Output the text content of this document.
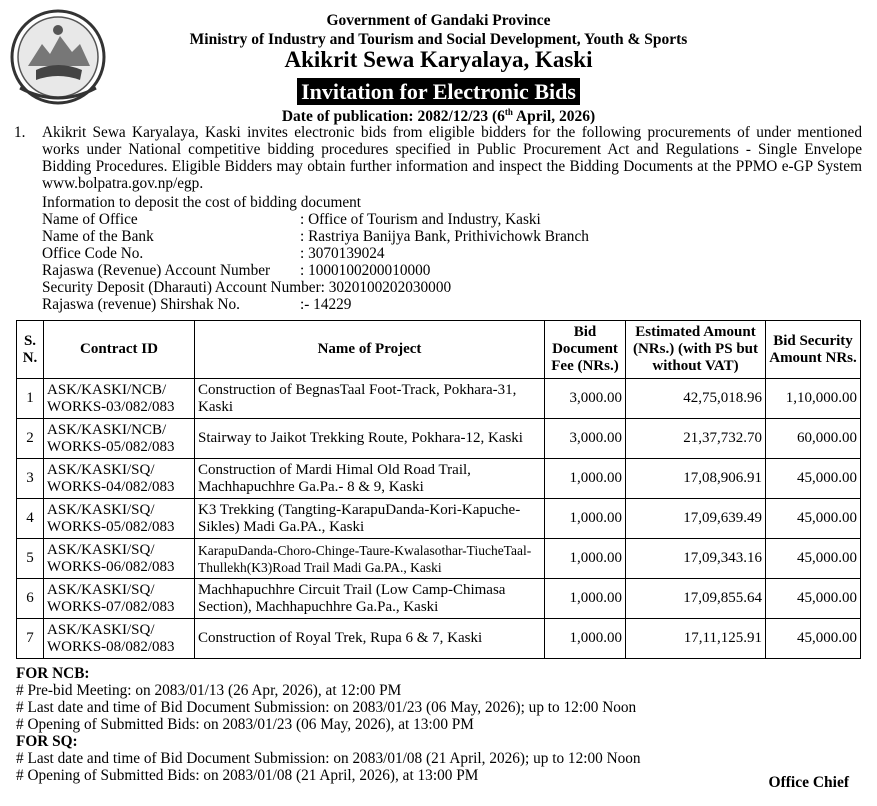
Government of Gandaki Province
Ministry of Industry and Tourism and Social Development, Youth & Sports
Akikrit Sewa Karyalaya, Kaski
Invitation for Electronic Bids
Date of publication: 2082/12/23 (6th April, 2026)
1. Akikrit Sewa Karyalaya, Kaski invites electronic bids from eligible bidders for the following procurements of under mentioned works under National competitive bidding procedures specified in Public Procurement Act and Regulations - Single Envelope Bidding Procedures. Eligible Bidders may obtain further information and inspect the Bidding Documents at the PPMO e-GP System www.bolpatra.gov.np/egp.
Information to deposit the cost of bidding document
Name of Office	: Office of Tourism and Industry, Kaski
Name of the Bank	: Rastriya Banijya Bank, Prithivichowk Branch
Office Code No.	: 3070139024
Rajaswa (Revenue) Account Number : 1000100200010000
Security Deposit (Dharauti) Account Number: 3020100202030000
Rajaswa (revenue) Shirshak No.	:- 14229
S. N.	Contract ID	Name of Project	Bid Document Fee (NRs.)	Estimated Amount (NRs.) (with PS but without VAT)	Bid Security Amount NRs.
1	ASK/KASKI/NCB/ WORKS-03/082/083	Construction of BegnasTaal Foot-Track, Pokhara-31, Kaski	3,000.00	42,75,018.96	1,10,000.00
2	ASK/KASKI/NCB/ WORKS-05/082/083	Stairway to Jaikot Trekking Route, Pokhara-12, Kaski	3,000.00	21,37,732.70	60,000.00
3	ASK/KASKI/SQ/ WORKS-04/082/083	Construction of Mardi Himal Old Road Trail, Machhapuchhre Ga.Pa.- 8 & 9, Kaski	1,000.00	17,08,906.91	45,000.00
4	ASK/KASKI/SQ/ WORKS-05/082/083	K3 Trekking (Tangting-KarapuDanda-Kori-Kapuche-Sikles) Madi Ga.PA., Kaski	1,000.00	17,09,639.49	45,000.00
5	ASK/KASKI/SQ/ WORKS-06/082/083	KarapuDanda-Choro-Chinge-Taure-Kwalasothar-TiucheTaal-Thullekh(K3)Road Trail Madi Ga.PA., Kaski	1,000.00	17,09,343.16	45,000.00
6	ASK/KASKI/SQ/ WORKS-07/082/083	Machhapuchhre Circuit Trail (Low Camp-Chimasa Section), Machhapuchhre Ga.Pa., Kaski	1,000.00	17,09,855.64	45,000.00
7	ASK/KASKI/SQ/ WORKS-08/082/083	Construction of Royal Trek, Rupa 6 & 7, Kaski	1,000.00	17,11,125.91	45,000.00
FOR NCB:
# Pre-bid Meeting: on 2083/01/13 (26 Apr, 2026), at 12:00 PM
# Last date and time of Bid Document Submission: on 2083/01/23 (06 May, 2026); up to 12:00 Noon
# Opening of Submitted Bids: on 2083/01/23 (06 May, 2026), at 13:00 PM
FOR SQ:
# Last date and time of Bid Document Submission: on 2083/01/08 (21 April, 2026); up to 12:00 Noon
# Opening of Submitted Bids: on 2083/01/08 (21 April, 2026), at 13:00 PM	Office Chief
